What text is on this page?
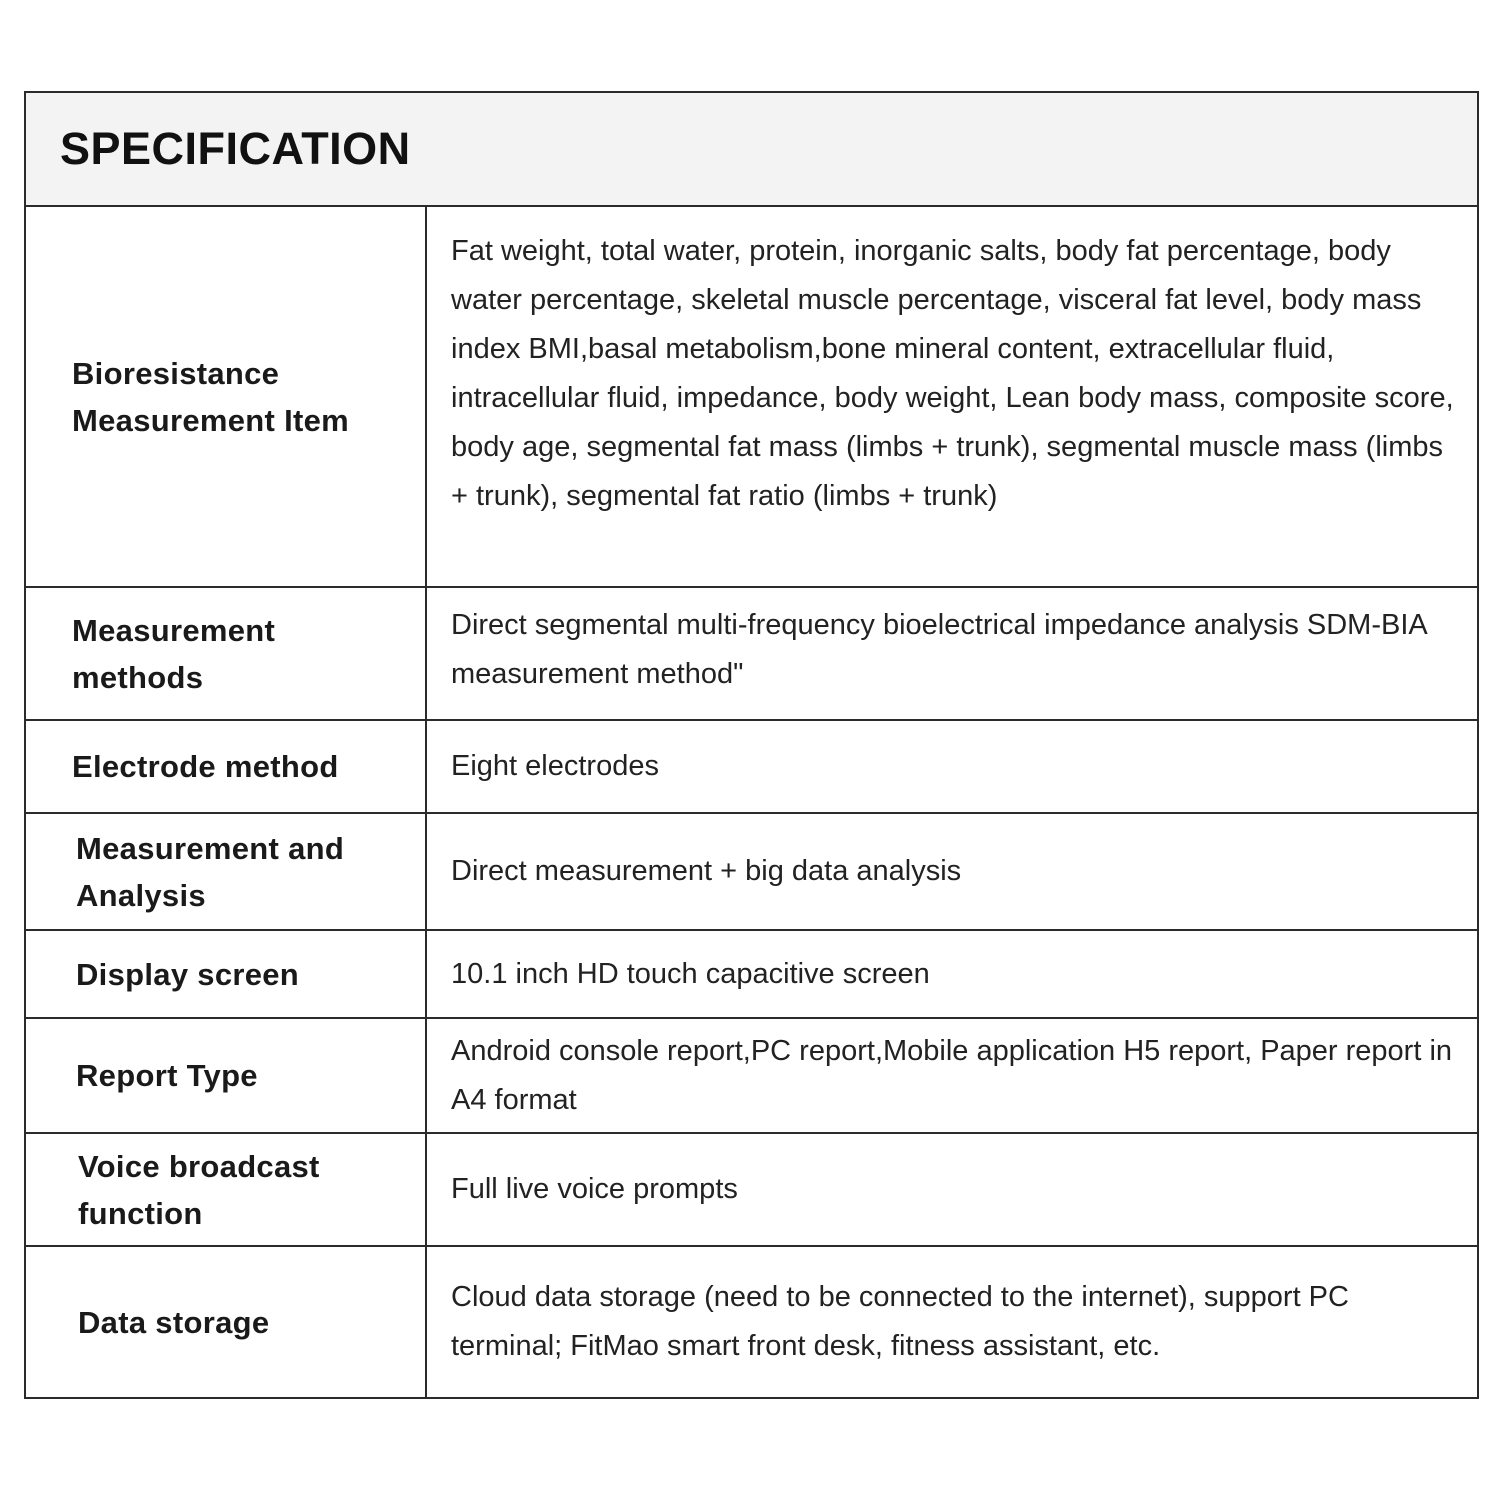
SPECIFICATION
Bioresistance Measurement Item
Fat weight, total water, protein, inorganic salts, body fat percentage, body water percentage, skeletal muscle percentage, visceral fat level, body mass index BMI,basal metabolism,bone mineral content, extracellular fluid, intracellular fluid, impedance, body weight, Lean body mass, composite score, body age, segmental fat mass (limbs + trunk), segmental muscle mass (limbs + trunk), segmental fat ratio (limbs + trunk)
Measurement methods
Direct segmental multi-frequency bioelectrical impedance analysis SDM-BIA measurement method"
Electrode method	Eight electrodes
Measurement and Analysis
Direct measurement + big data analysis
Display screen	10.1 inch HD touch capacitive screen
Report Type
Android console report,PC report,Mobile application H5 report, Paper report in A4 format
Voice broadcast function
Full live voice prompts
Data storage
Cloud data storage (need to be connected to the internet), support PC terminal; FitMao smart front desk, fitness assistant, etc.
